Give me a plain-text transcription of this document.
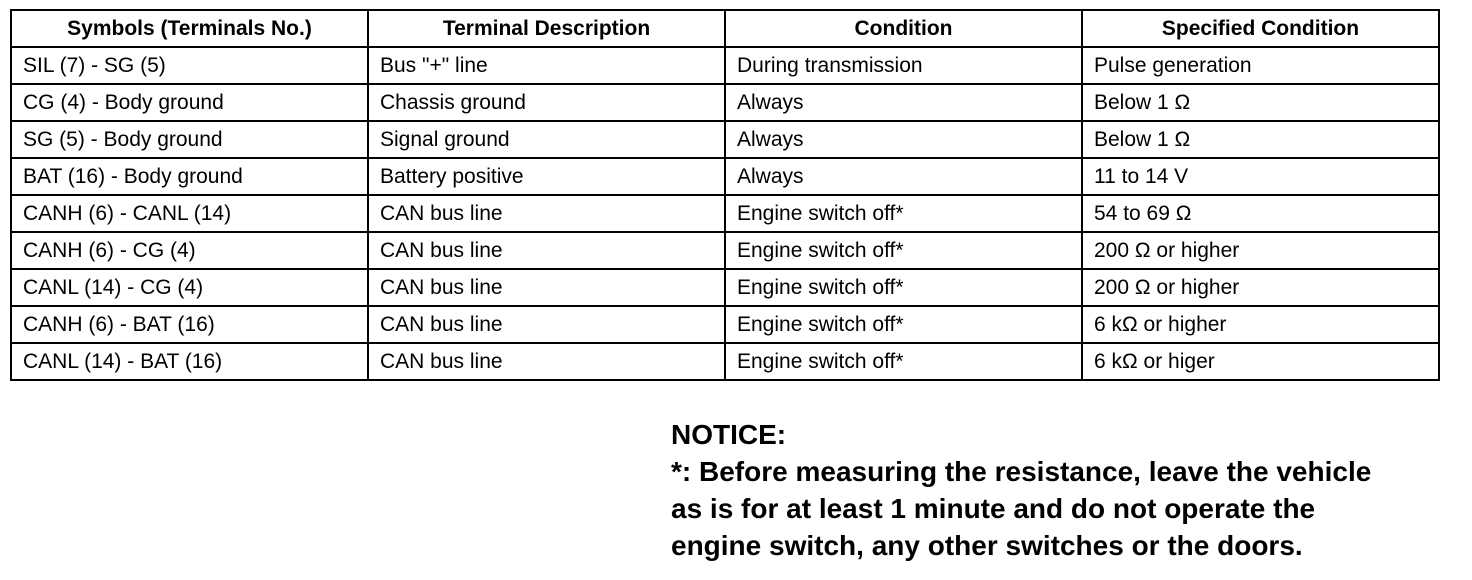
Symbols (Terminals No.)	Terminal Description	Condition	Specified Condition
SIL (7) - SG (5)	Bus "+" line	During transmission	Pulse generation
CG (4) - Body ground	Chassis ground	Always	Below 1 Ω
SG (5) - Body ground	Signal ground	Always	Below 1 Ω
BAT (16) - Body ground	Battery positive	Always	11 to 14 V
CANH (6) - CANL (14)	CAN bus line	Engine switch off*	54 to 69 Ω
CANH (6) - CG (4)	CAN bus line	Engine switch off*	200 Ω or higher
CANL (14) - CG (4)	CAN bus line	Engine switch off*	200 Ω or higher
CANH (6) - BAT (16)	CAN bus line	Engine switch off*	6 kΩ or higher
CANL (14) - BAT (16)	CAN bus line	Engine switch off*	6 kΩ or higer

NOTICE:

*: Before measuring the resistance, leave the vehicle

as is for at least 1 minute and do not operate the

engine switch, any other switches or the doors.
